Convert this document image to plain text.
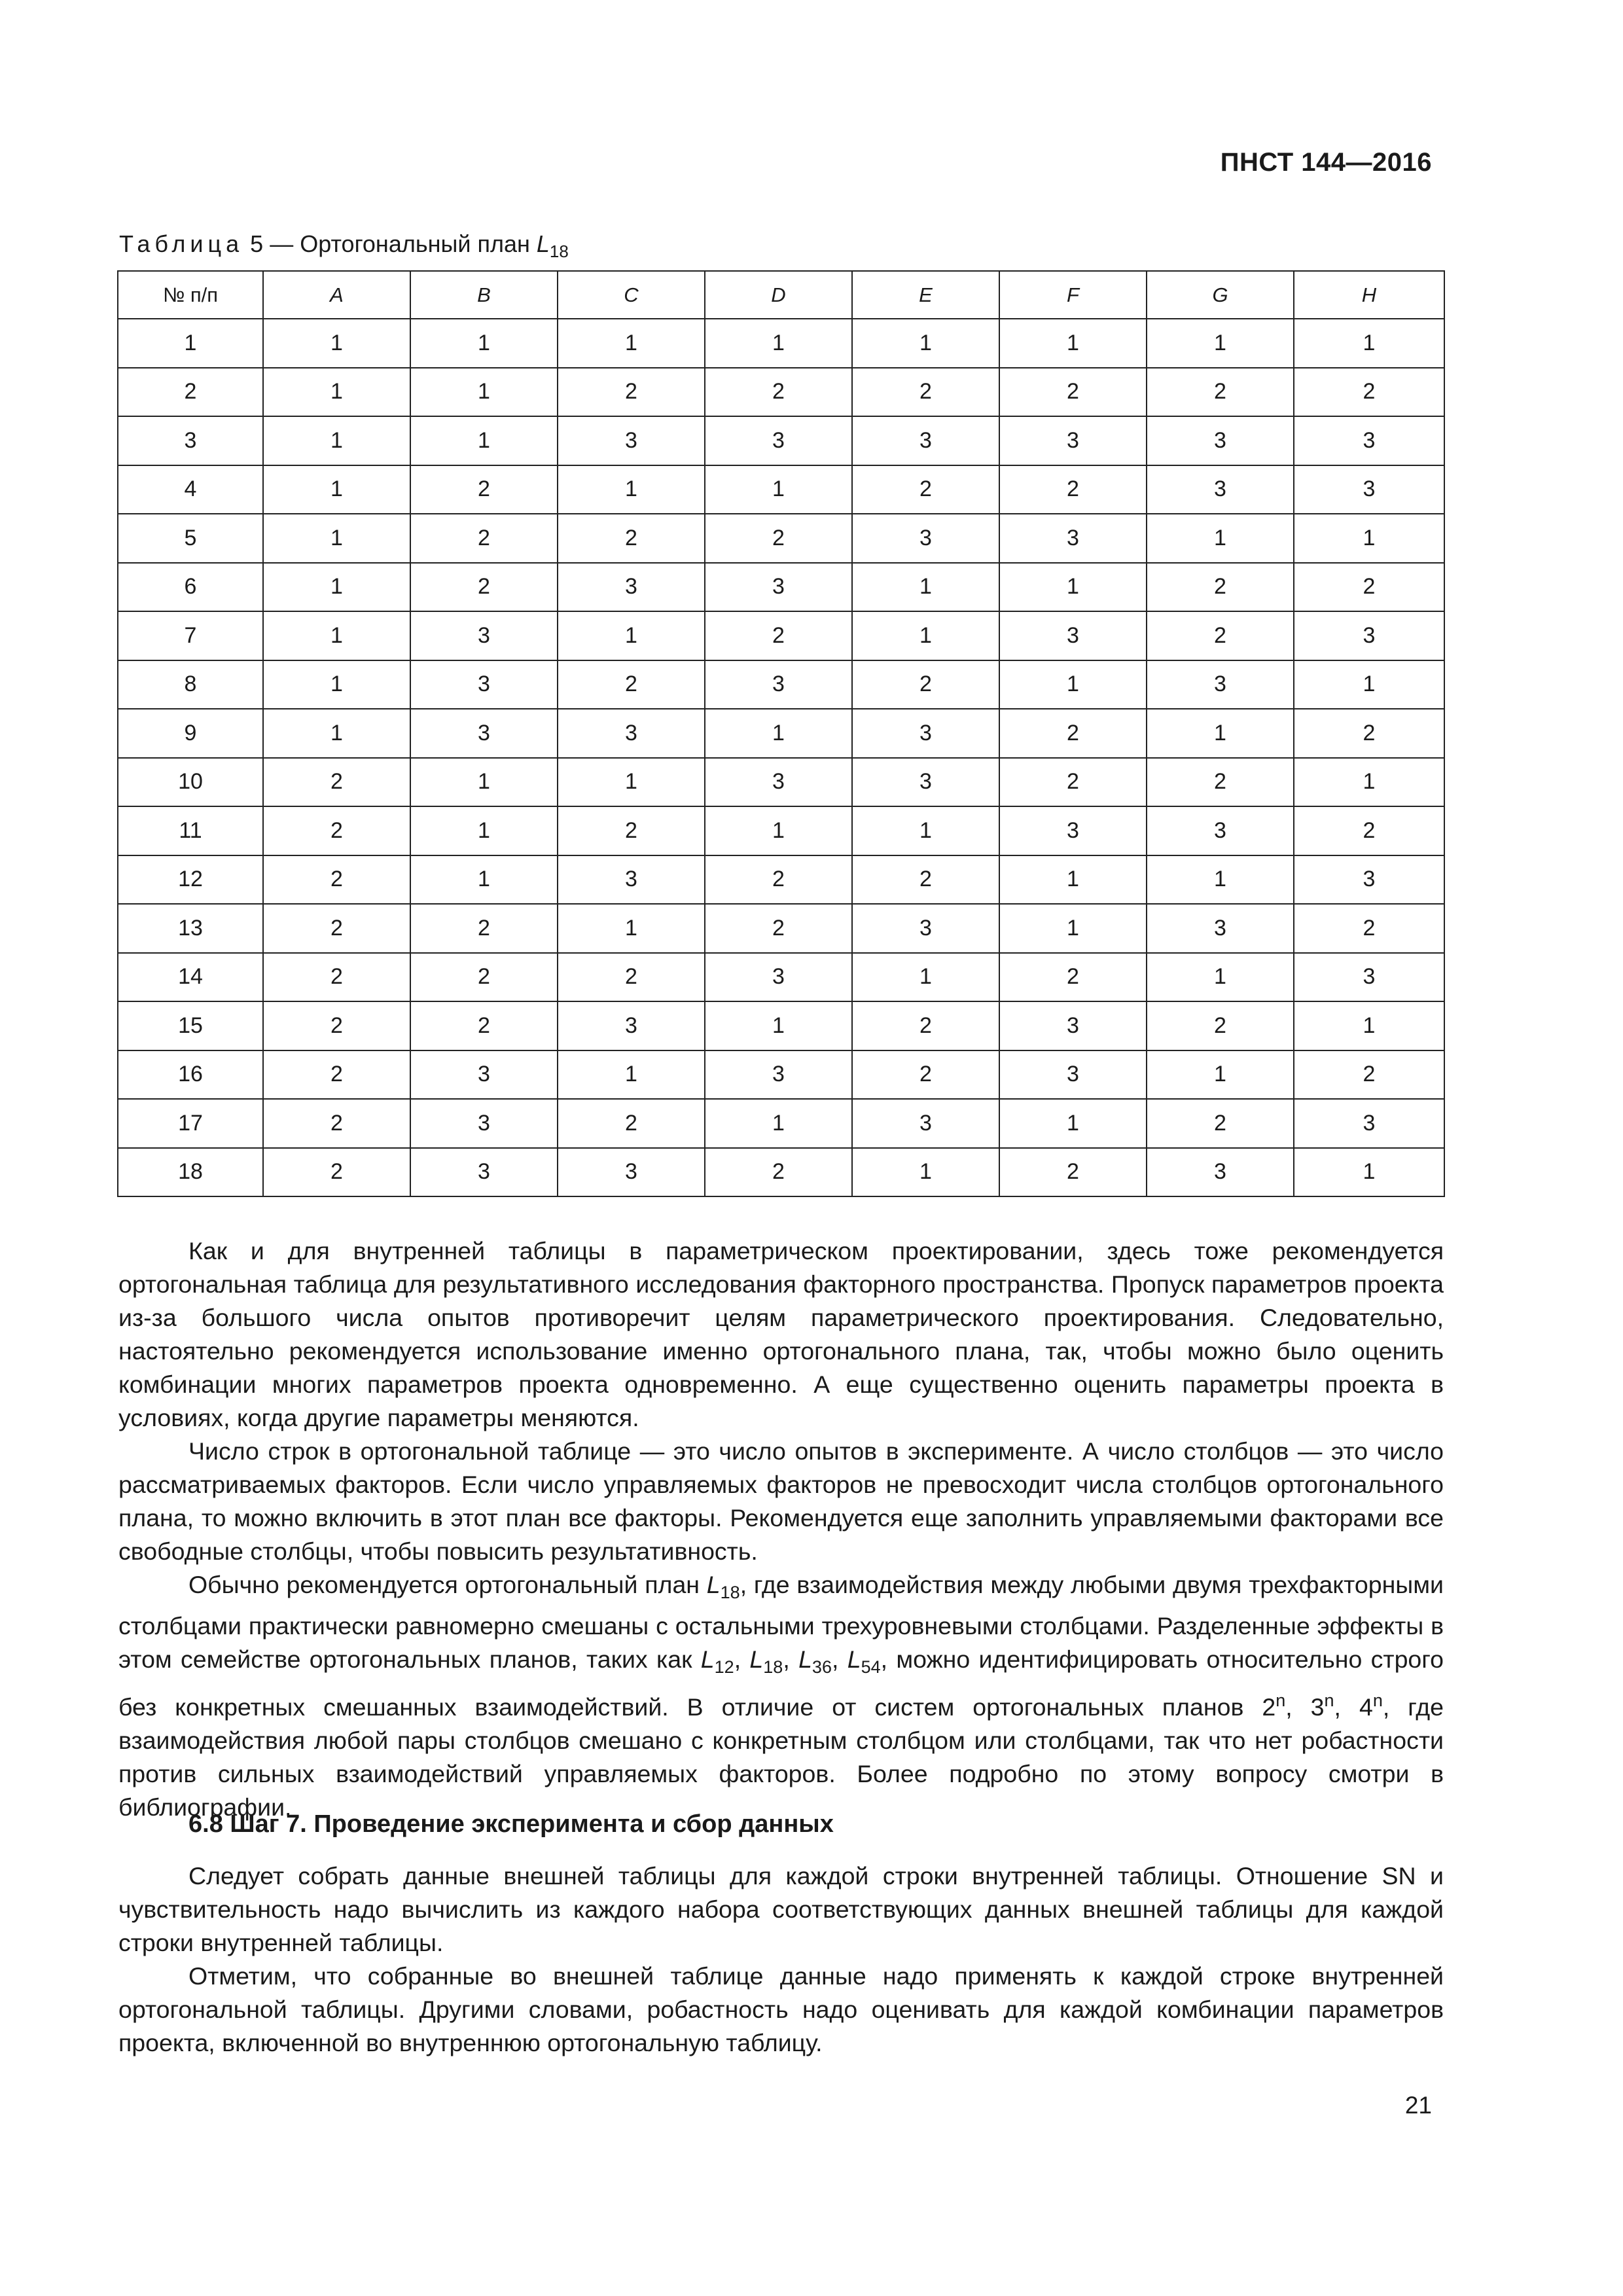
ПНСТ 144—2016
Таблица 5 — Ортогональный план $L_{18}$
№ п/п	A	B	C	D	E	F	G	H
1	1	1	1	1	1	1	1	1
2	1	1	2	2	2	2	2	2
3	1	1	3	3	3	3	3	3
4	1	2	1	1	2	2	3	3
5	1	2	2	2	3	3	1	1
6	1	2	3	3	1	1	2	2
7	1	3	1	2	1	3	2	3
8	1	3	2	3	2	1	3	1
9	1	3	3	1	3	2	1	2
10	2	1	1	3	3	2	2	1
11	2	1	2	1	1	3	3	2
12	2	1	3	2	2	1	1	3
13	2	2	1	2	3	1	3	2
14	2	2	2	3	1	2	1	3
15	2	2	3	1	2	3	2	1
16	2	3	1	3	2	3	1	2
17	2	3	2	1	3	1	2	3
18	2	3	3	2	1	2	3	1

Как и для внутренней таблицы в параметрическом проектировании, здесь тоже рекомендуется ортогональная таблица для результативного исследования факторного пространства. Пропуск параметров проекта из-за большого числа опытов противоречит целям параметрического проектирования. Следовательно, настоятельно рекомендуется использование именно ортогонального плана, так, чтобы можно было оценить комбинации многих параметров проекта одновременно. А еще существенно оценить параметры проекта в условиях, когда другие параметры меняются.

Число строк в ортогональной таблице — это число опытов в эксперименте. А число столбцов — это число рассматриваемых факторов. Если число управляемых факторов не превосходит числа столбцов ортогонального плана, то можно включить в этот план все факторы. Рекомендуется еще заполнить управляемыми факторами все свободные столбцы, чтобы повысить результативность.

Обычно рекомендуется ортогональный план $L_{18}$, где взаимодействия между любыми двумя трехфакторными столбцами практически равномерно смешаны с остальными трехуровневыми столбцами. Разделенные эффекты в этом семействе ортогональных планов, таких как $L_{12}$, $L_{18}$, $L_{36}$, $L_{54}$, можно идентифицировать относительно строго без конкретных смешанных взаимодействий. В отличие от систем ортогональных планов 2$^n$, 3$^n$, 4$^n$, где взаимодействия любой пары столбцов смешано с конкретным столбцом или столбцами, так что нет робастности против сильных взаимодействий управляемых факторов. Более подробно по этому вопросу смотри в библиографии.

6.8 Шаг 7. Проведение эксперимента и сбор данных

Следует собрать данные внешней таблицы для каждой строки внутренней таблицы. Отношение SN и чувствительность надо вычислить из каждого набора соответствующих данных внешней таблицы для каждой строки внутренней таблицы.

Отметим, что собранные во внешней таблице данные надо применять к каждой строке внутренней ортогональной таблицы. Другими словами, робастность надо оценивать для каждой комбинации параметров проекта, включенной во внутреннюю ортогональную таблицу.

21
